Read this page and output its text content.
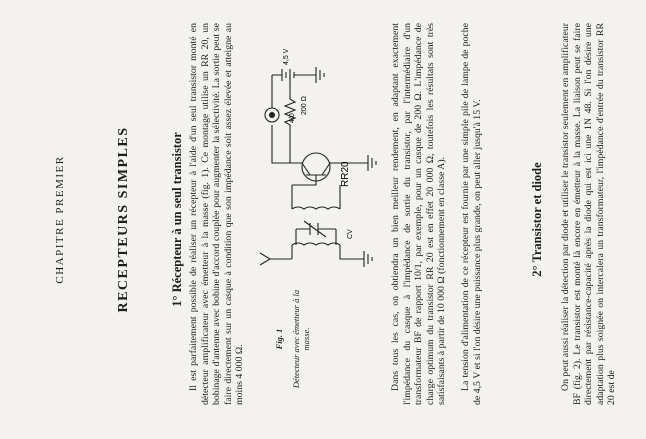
CHAPITRE PREMIER	RECEPTEURS SIMPLES	1° Récepteur à un seul transistor Il est parfaitement possible de réaliser un récepteur à l'aide d'un seul transistor monté en détecteur amplificateur avec émetteur à la masse (fig. 1). Ce montage utilise un RR 20, un bobinage d'antenne avec bobine d'accord couplée pour augmenter la sélectivité. La sortie peut se faire directement sur un casque à condition que son impédance soit assez élevée et atteigne au moins 4 000 Ω.
Fig. 1 Détecteur avec émetteur à la masse.
RR20
4/0
200 Ω
4,5 V
CV	Dans tous les cas, on obtiendra un bien meilleur rendement, en adaptant exactement l'impédance du casque à l'impédance de sortie du transistor, par l'intermédiaire d'un transformateur BF de rapport 10/1, par exemple, pour un casque de 200 Ω. L'impédance de charge optimum du transistor RR 20 est en effet 20 000 Ω, toutefois les résultats sont très satisfaisants à partir de 10 000 Ω (fonctionnement en classe A). La tension d'alimentation de ce récepteur est fournie par une simple pile de lampe de poche de 4,5 V et si l'on désire une puissance plus grande, on peut aller jusqu'à 15 V.	2° Transistor et diode On peut aussi réaliser la détection par diode et utiliser le transistor seulement en amplificateur BF (fig. 2). Le transistor est monté là encore en émetteur à la masse. La liaison peut se faire directement par résistance-capacité après la diode qui est ici une 1N 48. Si l'on désire une adaptation plus soignée on intercalera un transformateur, l'impédance d'entrée du transistor RR 20 est de
